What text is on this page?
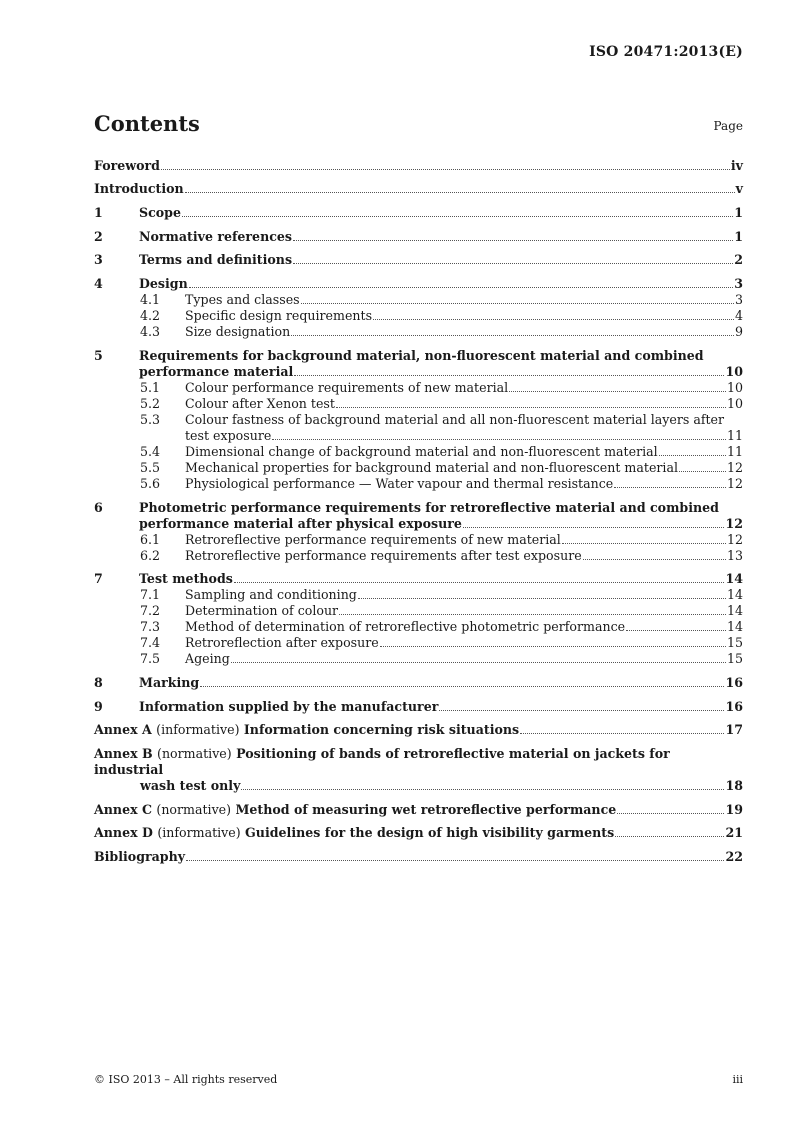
ISO 20471:2013(E)
Contents	Page
Foreword	iv
Introduction	v
1	Scope	1
2	Normative references	1
3	Terms and definitions	2
4	Design	3
4.1	Types and classes	3
4.2	Specific design requirements	4
4.3	Size designation	9
5	Requirements for background material, non-fluorescent material and combined
performance material	10
5.1	Colour performance requirements of new material	10
5.2	Colour after Xenon test	10
5.3	Colour fastness of background material and all non-fluorescent material layers after
test exposure	11
5.4	Dimensional change of background material and non-fluorescent material	11
5.5	Mechanical properties for background material and non-fluorescent material	12
5.6	Physiological performance — Water vapour and thermal resistance	12
6	Photometric performance requirements for retroreflective material and combined
performance material after physical exposure	12
6.1	Retroreflective performance requirements of new material	12
6.2	Retroreflective performance requirements after test exposure	13
7	Test methods	14
7.1	Sampling and conditioning	14
7.2	Determination of colour	14
7.3	Method of determination of retroreflective photometric performance	14
7.4	Retroreflection after exposure	15
7.5	Ageing	15
8	Marking	16
9	Information supplied by the manufacturer	16
Annex A (informative) Information concerning risk situations	17
Annex B (normative) Positioning of bands of retroreflective material on jackets for industrial
wash test only	18
Annex C (normative) Method of measuring wet retroreflective performance	19
Annex D (informative) Guidelines for the design of high visibility garments	21
Bibliography	22
© ISO 2013 – All rights reserved	iii
